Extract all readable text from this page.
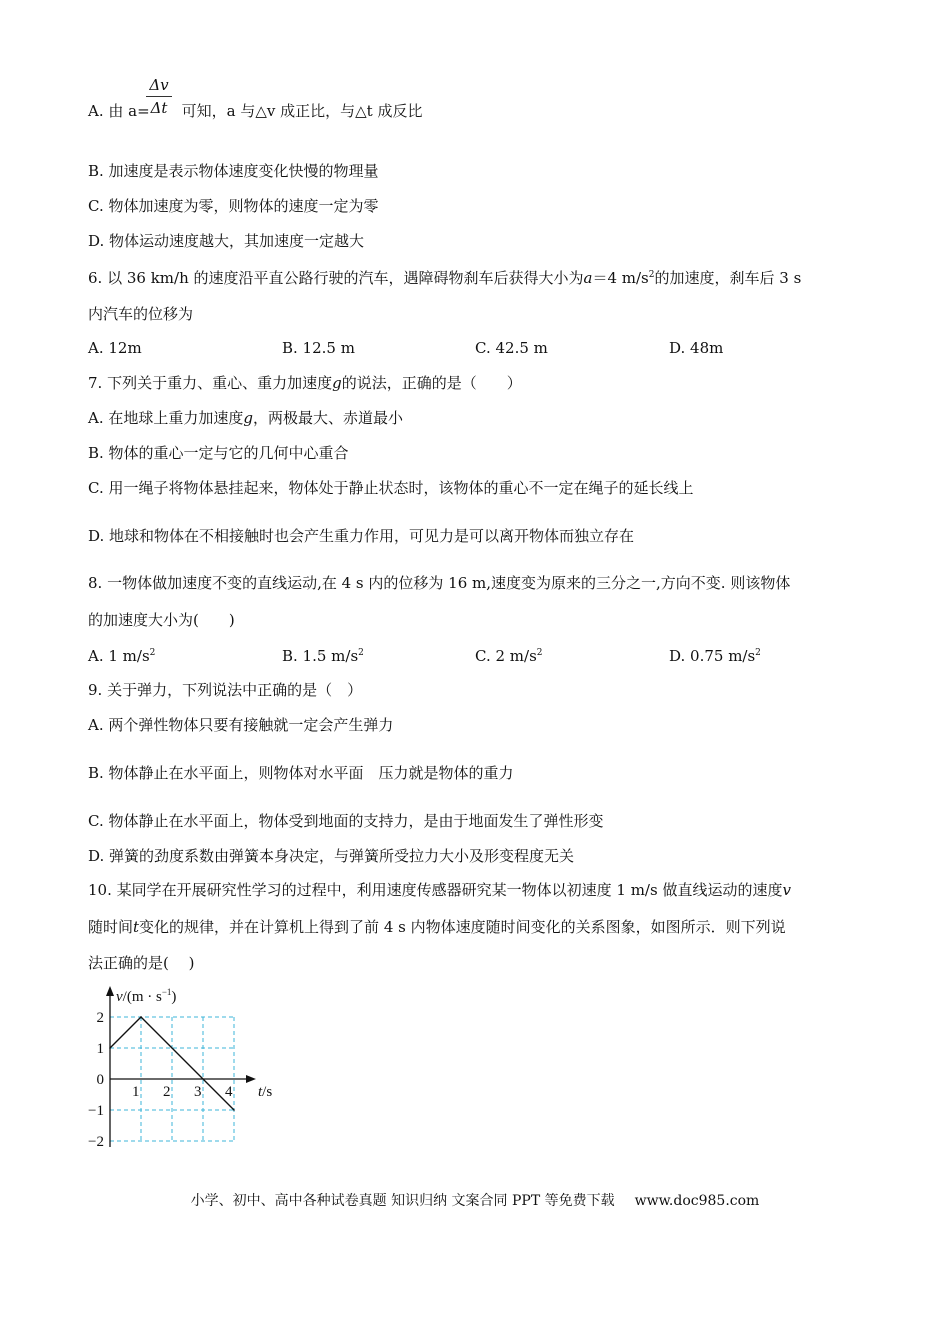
Δv
Δt
A. 由 a= 可知，a 与△v 成正比，与△t 成反比
B. 加速度是表示物体速度变化快慢的物理量
C. 物体加速度为零，则物体的速度一定为零
D. 物体运动速度越大，其加速度一定越大
6. 以 36 km/h 的速度沿平直公路行驶的汽车，遇障碍物刹车后获得大小为a＝4 $m/s^2$的加速度，刹车后 3 s
内汽车的位移为
A. 12m	B. 12.5 m	C. 42.5 m	D. 48m
7. 下列关于重力、重心、重力加速度g的说法，正确的是（　　）
A. 在地球上重力加速度g，两极最大、赤道最小
B. 物体的重心一定与它的几何中心重合
C. 用一绳子将物体悬挂起来，物体处于静止状态时，该物体的重心不一定在绳子的延长线上
D. 地球和物体在不相接触时也会产生重力作用，可见力是可以离开物体而独立存在
8. 一物体做加速度不变的直线运动,在 4 s 内的位移为 16 m,速度变为原来的三分之一,方向不变. 则该物体
的加速度大小为(　　)
A. 1 $m/s^2$	B. 1.5 $m/s^2$	C. 2 $m/s^2$	D. 0.75 $m/s^2$
9. 关于弹力，下列说法中正确的是（　）
A. 两个弹性物体只要有接触就一定会产生弹力
B. 物体静止在水平面上，则物体对水平面　压力就是物体的重力
C. 物体静止在水平面上，物体受到地面的支持力，是由于地面发生了弹性形变
D. 弹簧的劲度系数由弹簧本身决定，与弹簧所受拉力大小及形变程度无关
10. 某同学在开展研究性学习的过程中，利用速度传感器研究某一物体以初速度 1 m/s 做直线运动的速度v
随时间t变化的规律，并在计算机上得到了前 4 s 内物体速度随时间变化的关系图象，如图所示．则下列说
法正确的是(　 )
1 2 3 4
2
1
0
−1
−2
$v/(m \cdot s^{-1})$
t/s
小学、初中、高中各种试卷真题 知识归纳 文案合同 PPT 等免费下载 www.doc985.com
